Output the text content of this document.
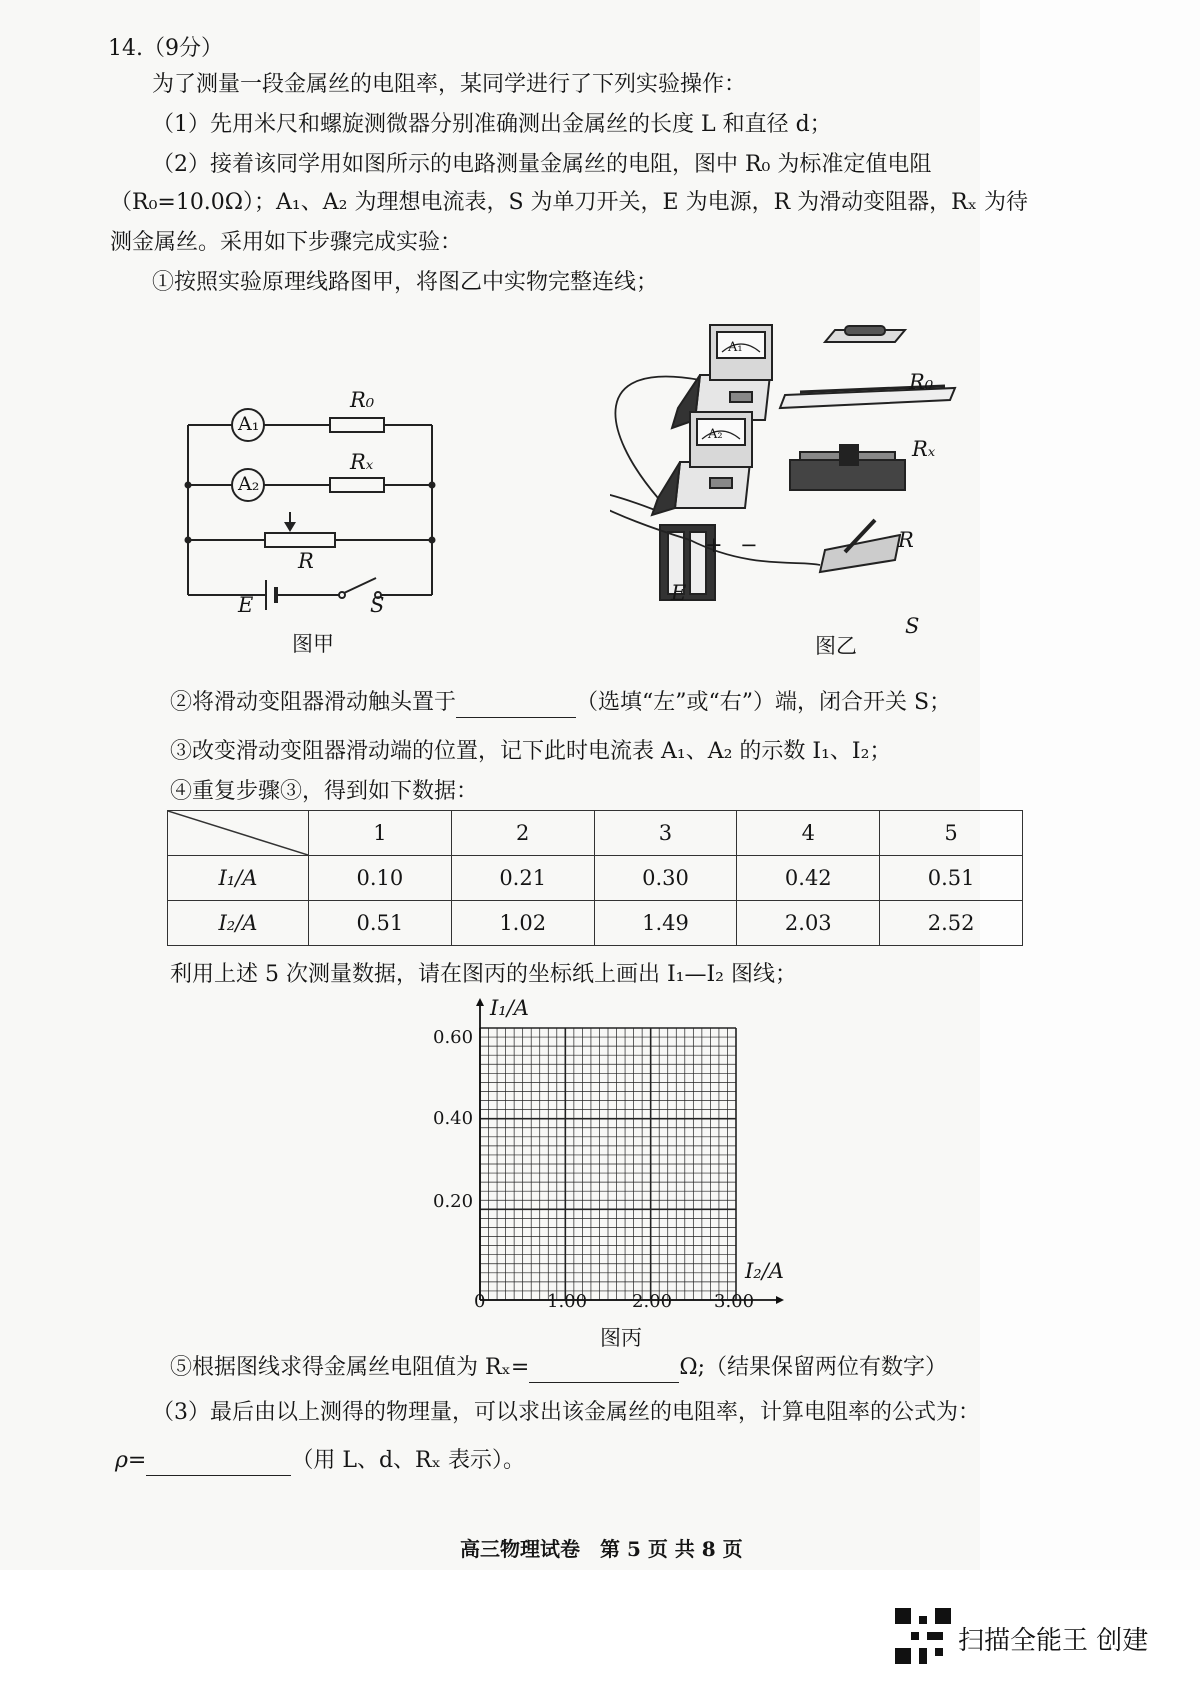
14.（9分）
为了测量一段金属丝的电阻率，某同学进行了下列实验操作：
（1）先用米尺和螺旋测微器分别准确测出金属丝的长度 L 和直径 d；
（2）接着该同学用如图所示的电路测量金属丝的电阻，图中 R₀ 为标准定值电阻
（R₀=10.0Ω）；A₁、A₂ 为理想电流表，S 为单刀开关，E 为电源，R 为滑动变阻器，Rₓ 为待
测金属丝。采用如下步骤完成实验：
①按照实验原理线路图甲，将图乙中实物完整连线；
A₁
A₂
R₀
Rₓ
R
E	S
图甲
R₀
Rₓ
R
E
S
+ −
A₁
A₂
图乙
②将滑动变阻器滑动触头置于	（选填“左”或“右”）端，闭合开关 S；
③改变滑动变阻器滑动端的位置，记下此时电流表 A₁、A₂ 的示数 I₁、I₂；
④重复步骤③，得到如下数据：
	1	2	3	4	5
I₁/A	0.10	0.21	0.30	0.42	0.51
I₂/A	0.51	1.02	1.49	2.03	2.52
利用上述 5 次测量数据，请在图丙的坐标纸上画出 I₁—I₂ 图线；
I₁/A
I₂/A
0.60
0.40
0.20
0	1.00 2.00 3.00
图丙
⑤根据图线求得金属丝电阻值为 Rₓ=	Ω;（结果保留两位有数字）
（3）最后由以上测得的物理量，可以求出该金属丝的电阻率，计算电阻率的公式为：
ρ=	（用 L、d、Rₓ 表示）。
高三物理试卷　第 5 页 共 8 页
扫描全能王 创建
